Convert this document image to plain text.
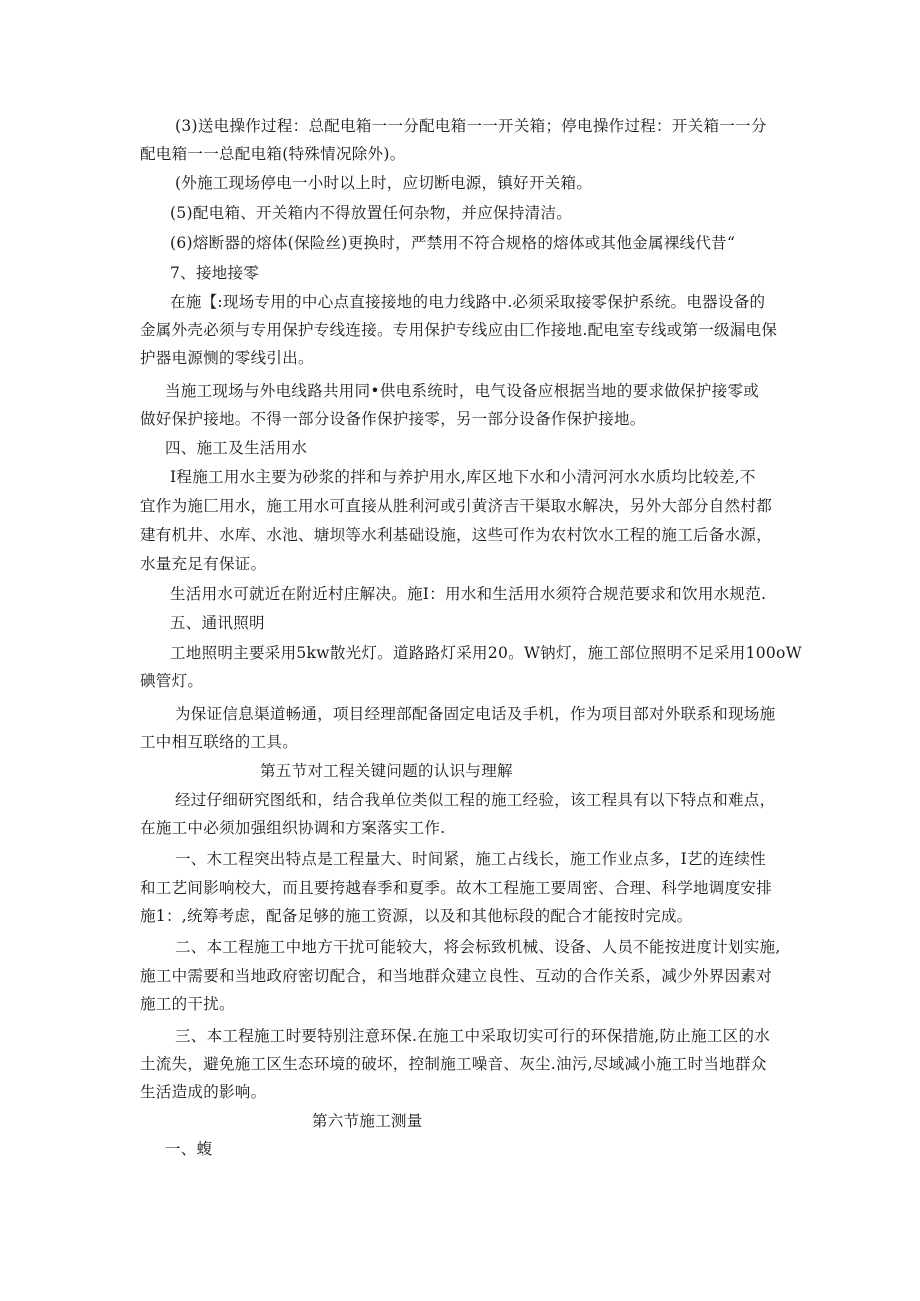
(3)送电操作过程：总配电箱一一分配电箱一一开关箱；停电操作过程：开关箱一一分

配电箱一一总配电箱(特殊情况除外)。

(外施工现场停电一小时以上时，应切断电源，镇好开关箱。

(5)配电箱、开关箱内不得放置任何杂物，并应保持清洁。

(6)熔断器的熔体(保险丝)更换时，严禁用不符合规格的熔体或其他金属裸线代昔“

7、接地接零

在施【:现场专用的中心点直接接地的电力线路中.必须采取接零保护系统。电器设备的

金属外壳必须与专用保护专线连接。专用保护专线应由匚作接地.配电室专线或第一级漏电保

护器电源恻的零线引出。

当施工现场与外电线路共用同•供电系统时，电气设备应根据当地的要求做保护接零或

做好保护接地。不得一部分设备作保护接零，另一部分设备作保护接地。

四、施工及生活用水

I程施工用水主要为砂浆的拌和与养护用水,库区地下水和小清河河水水质均比较差,不

宜作为施匚用水，施工用水可直接从胜利河或引黄济吉干渠取水解决，另外大部分自然村都

建有机井、水库、水池、塘坝等水利基础设施，这些可作为农村饮水工程的施工后备水源，

水量充足有保证。

生活用水可就近在附近村庄解决。施I：用水和生活用水须符合规范要求和饮用水规范.

五、通讯照明

工地照明主要采用5kw散光灯。道路路灯采用20。W钠灯，施工部位照明不足采用100oW

碘管灯。

为保证信息渠道畅通，项目经理部配备固定电话及手机，作为项目部对外联系和现场施

工中相互联络的工具。

第五节对工程关键问题的认识与理解

经过仔细研究图纸和，结合我单位类似工程的施工经验，该工程具有以下特点和难点，

在施工中必须加强组织协调和方案落实工作.

一、木工程突出特点是工程量大、时间紧，施工占线长，施工作业点多，I艺的连续性

和工艺间影响校大，而且要挎越春季和夏季。故木工程施工要周密、合理、科学地调度安排

施1：,统筹考虑，配备足够的施工资源，以及和其他标段的配合才能按时完成。

二、本工程施工中地方干扰可能较大，将会标致机械、设备、人员不能按进度计划实施,

施工中需要和当地政府密切配合，和当地群众建立良性、互动的合作关系，减少外界因素对

施工的干扰。

三、本工程施工时要特别注意环保.在施工中采取切实可行的环保措施,防止施工区的水

土流失，避免施工区生态环境的破坏，控制施工噪音、灰尘.油污,尽域减小施工时当地群众

生活造成的影响。

第六节施工测量

一、蝮
